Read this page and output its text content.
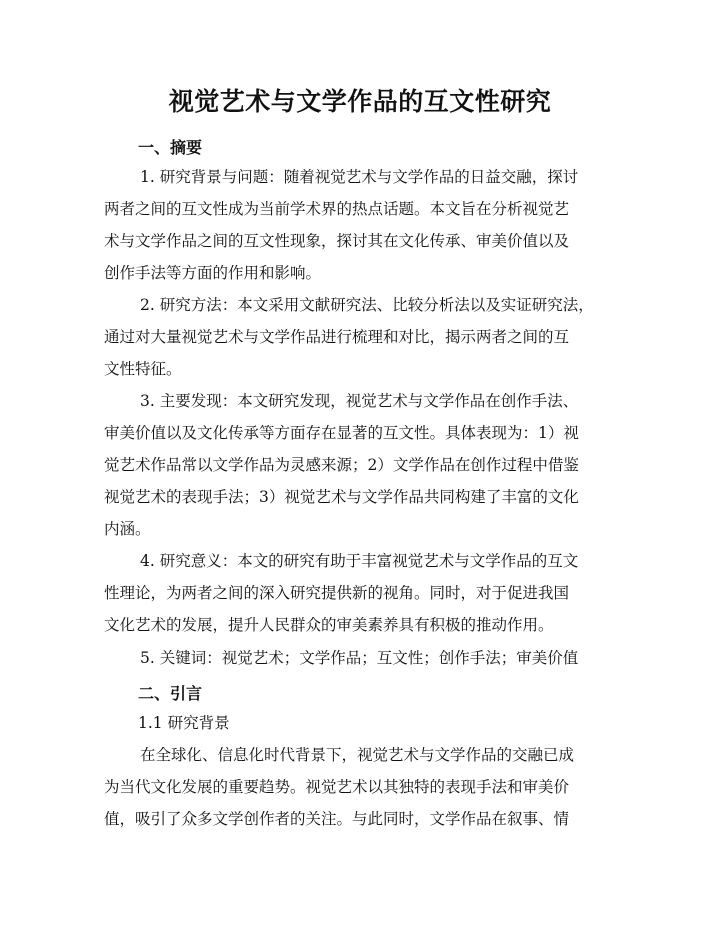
视觉艺术与文学作品的互文性研究
一、摘要
1. 研究背景与问题：随着视觉艺术与文学作品的日益交融，探讨
两者之间的互文性成为当前学术界的热点话题。本文旨在分析视觉艺
术与文学作品之间的互文性现象，探讨其在文化传承、审美价值以及
创作手法等方面的作用和影响。
2. 研究方法：本文采用文献研究法、比较分析法以及实证研究法，
通过对大量视觉艺术与文学作品进行梳理和对比，揭示两者之间的互
文性特征。
3. 主要发现：本文研究发现，视觉艺术与文学作品在创作手法、
审美价值以及文化传承等方面存在显著的互文性。具体表现为：1）视
觉艺术作品常以文学作品为灵感来源；2）文学作品在创作过程中借鉴
视觉艺术的表现手法；3）视觉艺术与文学作品共同构建了丰富的文化
内涵。
4. 研究意义：本文的研究有助于丰富视觉艺术与文学作品的互文
性理论，为两者之间的深入研究提供新的视角。同时，对于促进我国
文化艺术的发展，提升人民群众的审美素养具有积极的推动作用。
5. 关键词：视觉艺术；文学作品；互文性；创作手法；审美价值
二、引言
1.1 研究背景
在全球化、信息化时代背景下，视觉艺术与文学作品的交融已成
为当代文化发展的重要趋势。视觉艺术以其独特的表现手法和审美价
值，吸引了众多文学创作者的关注。与此同时，文学作品在叙事、情
